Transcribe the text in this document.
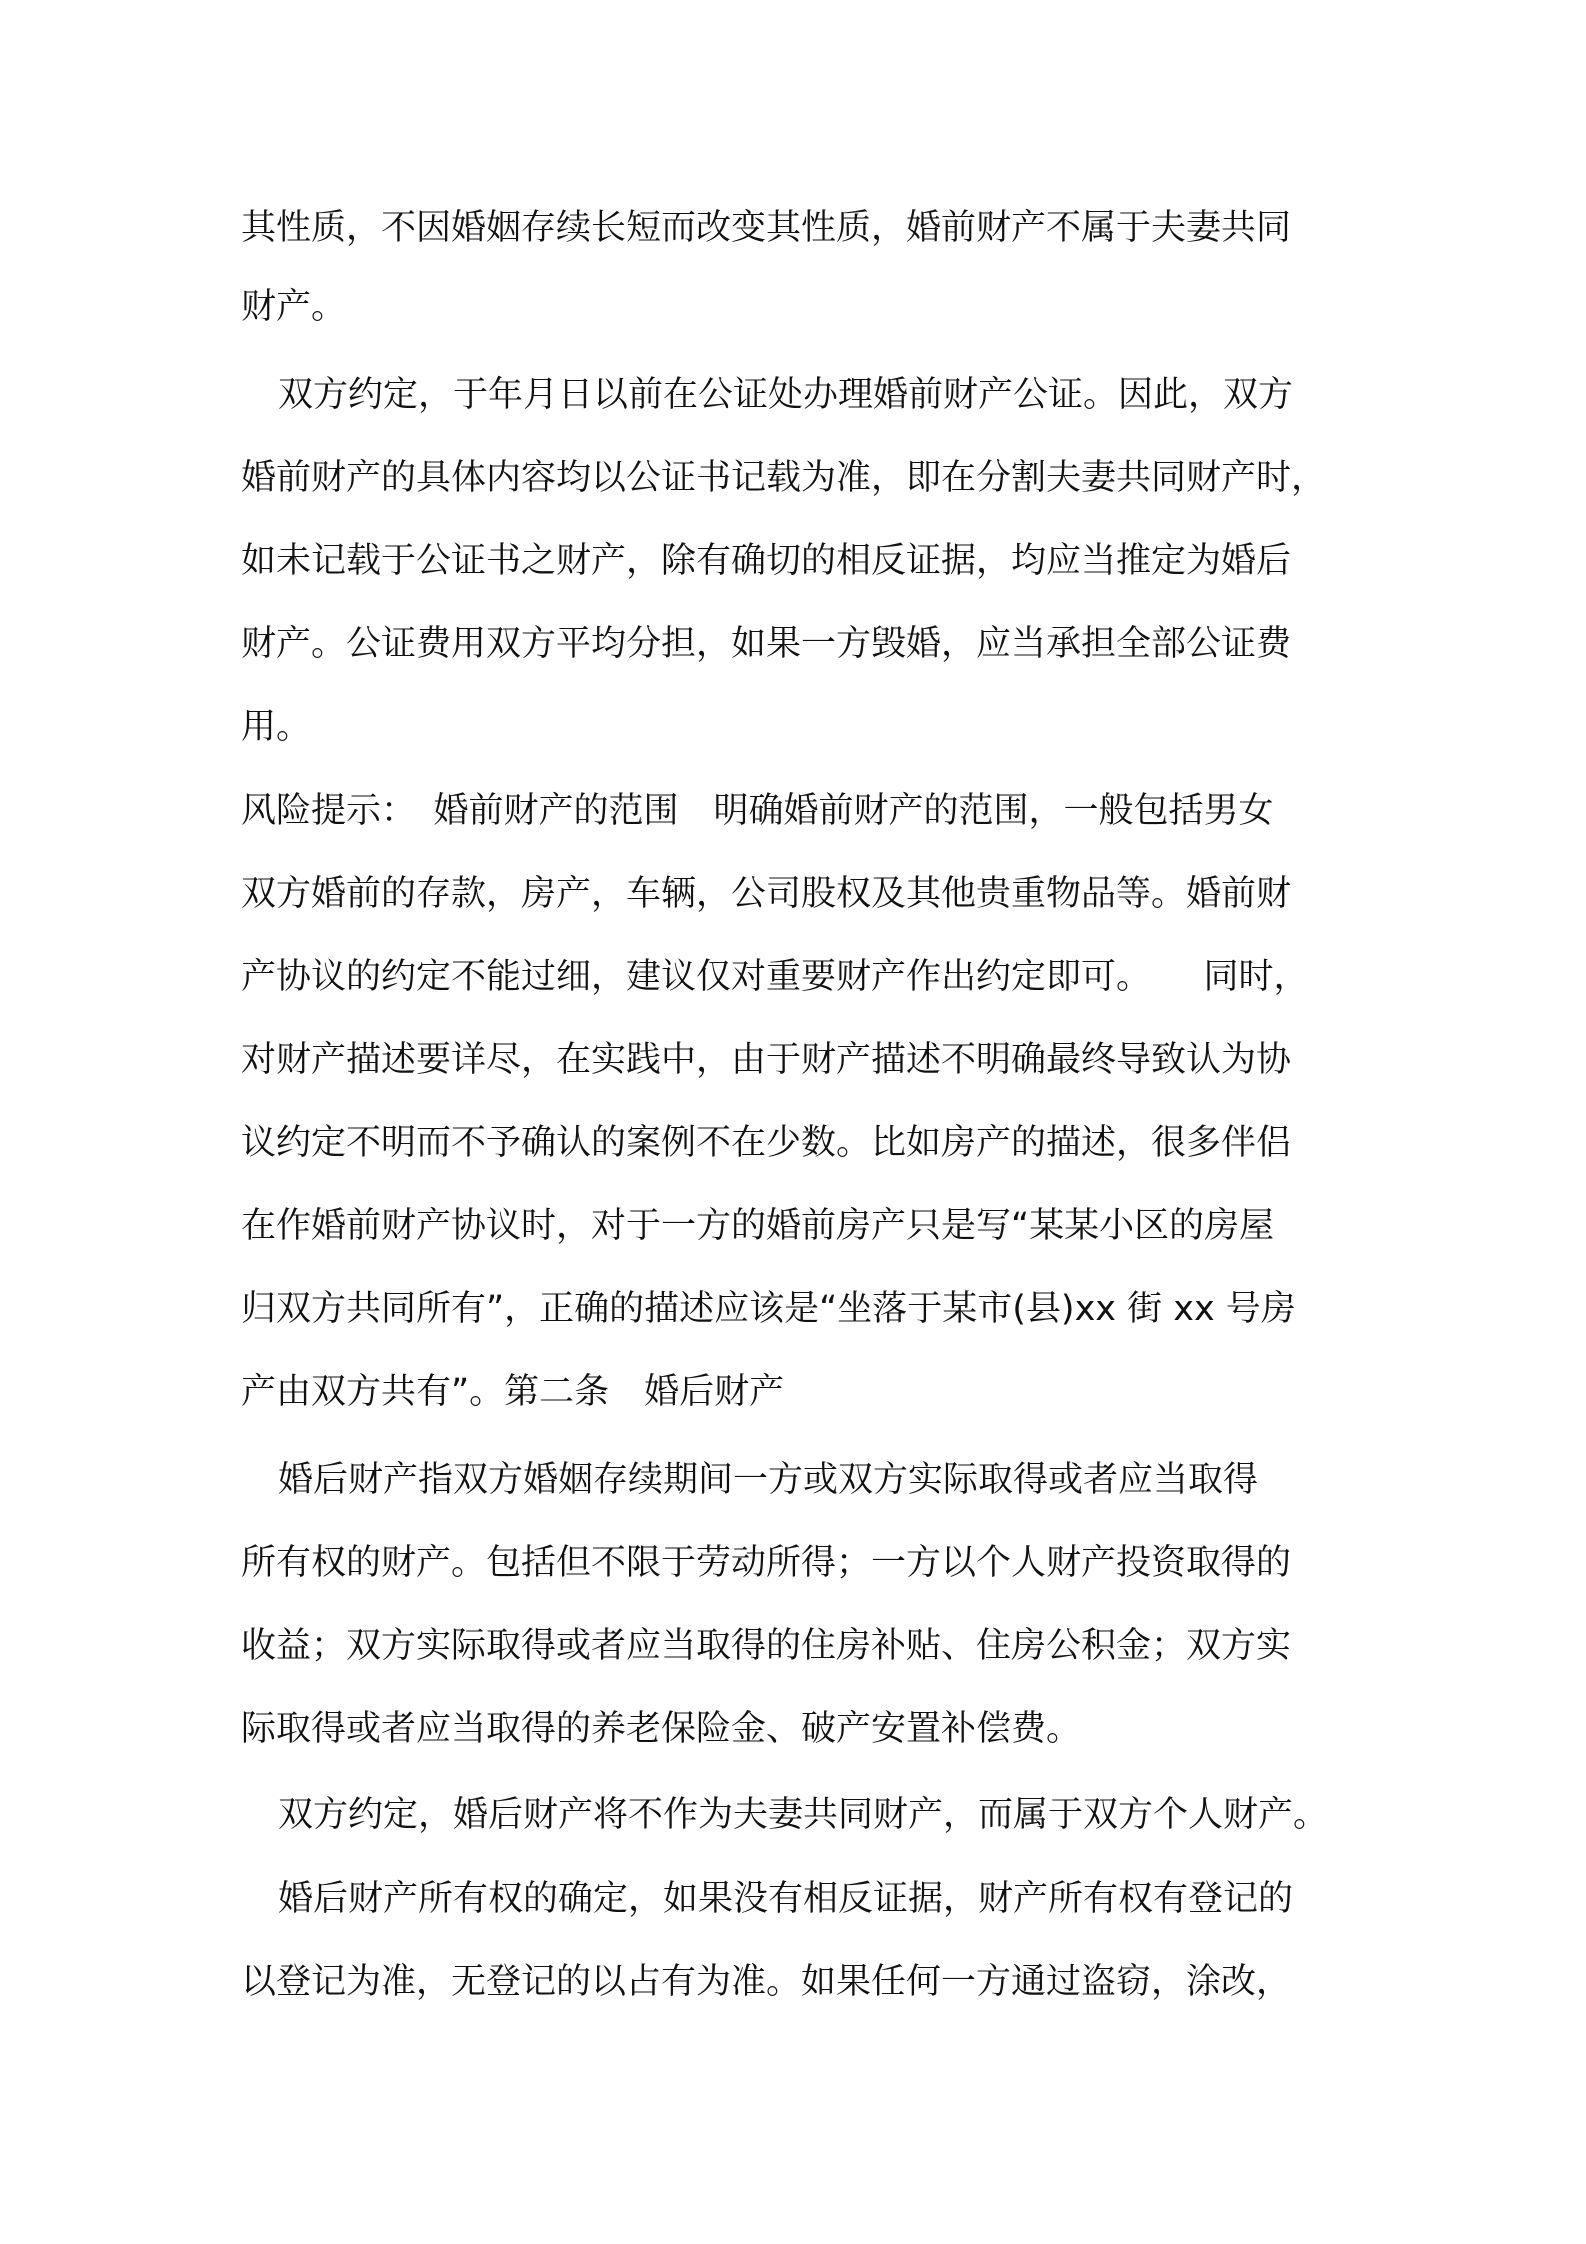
其性质，不因婚姻存续长短而改变其性质，婚前财产不属于夫妻共同

财产。

双方约定，于年月日以前在公证处办理婚前财产公证。因此，双方

婚前财产的具体内容均以公证书记载为准，即在分割夫妻共同财产时，

如未记载于公证书之财产，除有确切的相反证据，均应当推定为婚后

财产。公证费用双方平均分担，如果一方毁婚，应当承担全部公证费

用。

风险提示：　婚前财产的范围　明确婚前财产的范围，一般包括男女

双方婚前的存款，房产，车辆，公司股权及其他贵重物品等。婚前财

产协议的约定不能过细，建议仅对重要财产作出约定即可。　　同时，

对财产描述要详尽，在实践中，由于财产描述不明确最终导致认为协

议约定不明而不予确认的案例不在少数。比如房产的描述，很多伴侣

在作婚前财产协议时，对于一方的婚前房产只是写“某某小区的房屋

归双方共同所有”，正确的描述应该是“坐落于某市(县)xx 街 xx 号房

产由双方共有”。第二条　婚后财产

婚后财产指双方婚姻存续期间一方或双方实际取得或者应当取得

所有权的财产。包括但不限于劳动所得；一方以个人财产投资取得的

收益；双方实际取得或者应当取得的住房补贴、住房公积金；双方实

际取得或者应当取得的养老保险金、破产安置补偿费。

双方约定，婚后财产将不作为夫妻共同财产，而属于双方个人财产。

婚后财产所有权的确定，如果没有相反证据，财产所有权有登记的

以登记为准，无登记的以占有为准。如果任何一方通过盗窃，涂改，
